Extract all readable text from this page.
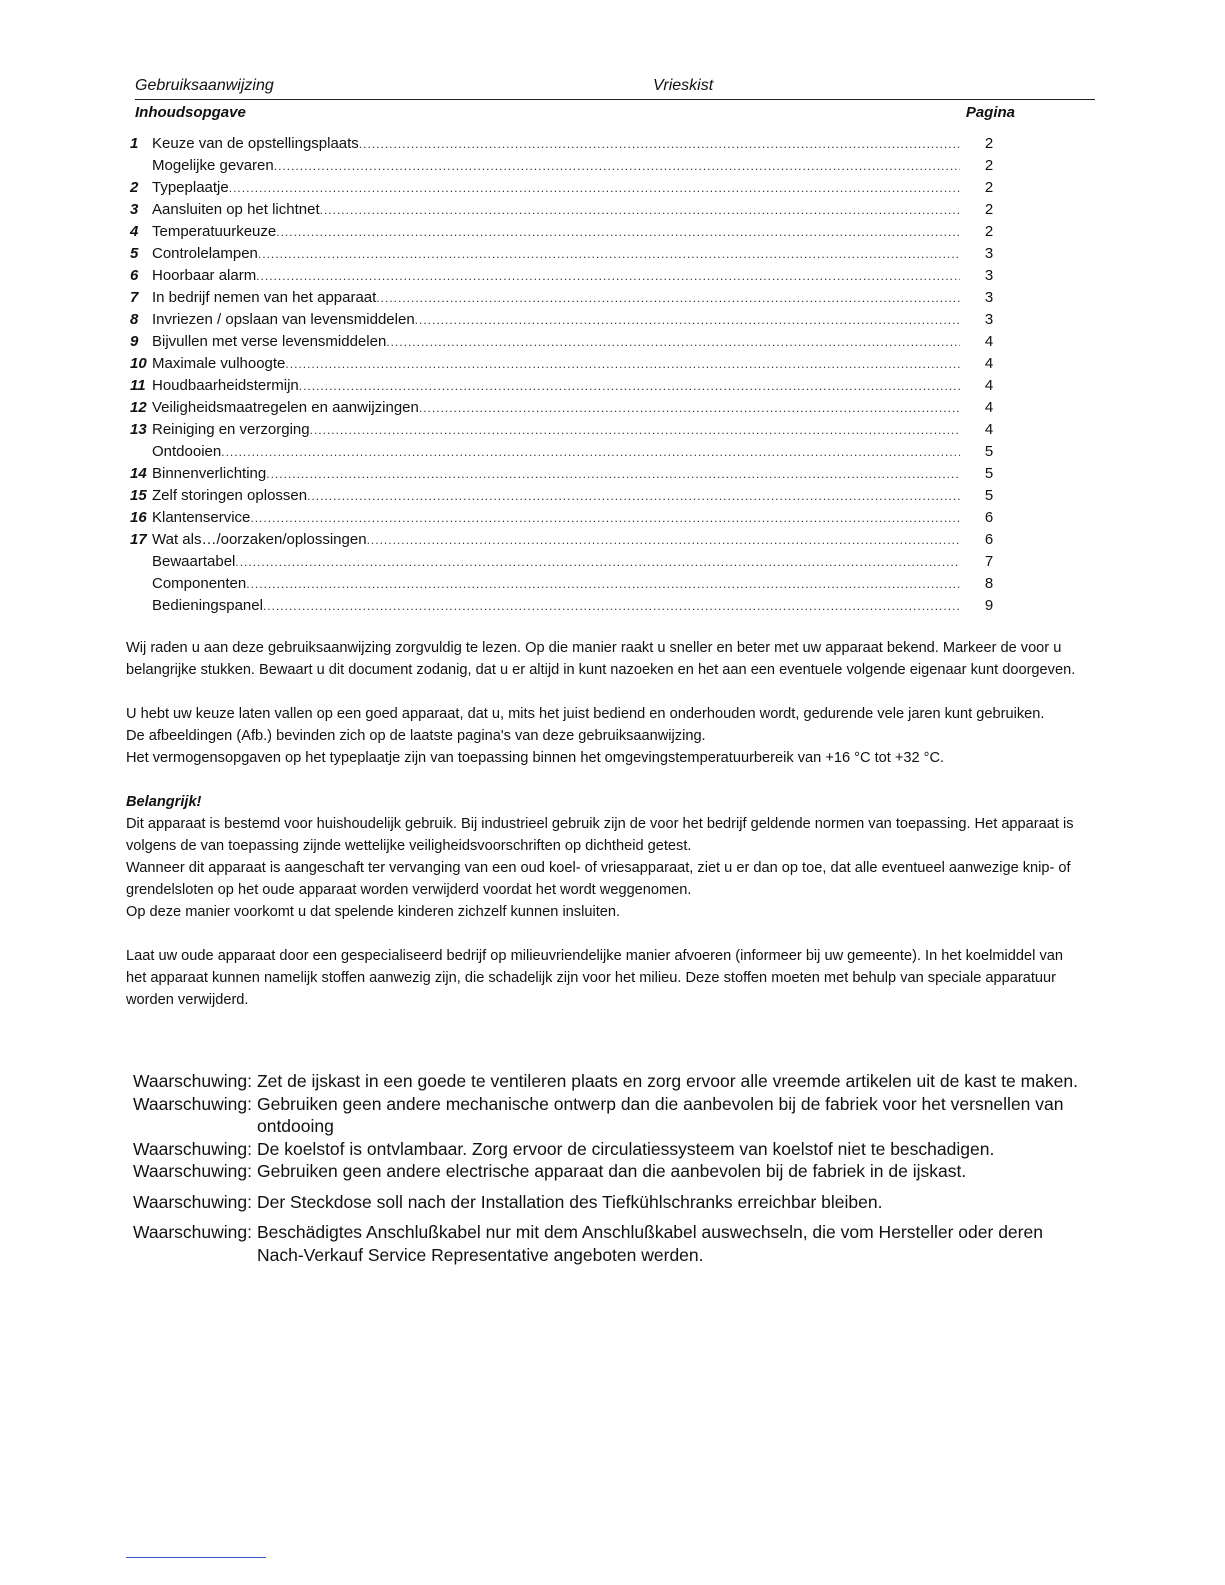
Gebruiksaanwijzing	Vrieskist
Inhoudsopgave	Pagina
1 Keuze van de opstellingsplaats .....	2
Mogelijke gevaren .....	2
2 Typeplaatje .....	2
3 Aansluiten op het lichtnet .....	2
4 Temperatuurkeuze .....	2
5 Controlelampen .....	3
6 Hoorbaar alarm .....	3
7 In bedrijf nemen van het apparaat .....	3
8 Invriezen / opslaan van levensmiddelen .....	3
9 Bijvullen met verse levensmiddelen .....	4
10 Maximale vulhoogte .....	4
11 Houdbaarheidstermijn .....	4
12 Veiligheidsmaatregelen en aanwijzingen .....	4
13 Reiniging en verzorging .....	4
Ontdooien .....	5
14 Binnenverlichting .....	5
15 Zelf storingen oplossen .....	5
16 Klantenservice .....	6
17 Wat als…/oorzaken/oplossingen .....	6
Bewaartabel .....	7
Componenten .....	8
Bedieningspanel .....	9

Wij raden u aan deze gebruiksaanwijzing zorgvuldig te lezen. Op die manier raakt u sneller en beter met uw apparaat bekend. Markeer de voor u belangrijke stukken. Bewaart u dit document zodanig, dat u er altijd in kunt nazoeken en het aan een eventuele volgende eigenaar kunt doorgeven.

U hebt uw keuze laten vallen op een goed apparaat, dat u, mits het juist bediend en onderhouden wordt, gedurende vele jaren kunt gebruiken.
De afbeeldingen (Afb.) bevinden zich op de laatste pagina's van deze gebruiksaanwijzing.
Het vermogensopgaven op het typeplaatje zijn van toepassing binnen het omgevingstemperatuurbereik van +16 °C tot +32 °C.

Belangrijk!
Dit apparaat is bestemd voor huishoudelijk gebruik. Bij industrieel gebruik zijn de voor het bedrijf geldende normen van toepassing. Het apparaat is volgens de van toepassing zijnde wettelijke veiligheidsvoorschriften op dichtheid getest.
Wanneer dit apparaat is aangeschaft ter vervanging van een oud koel- of vriesapparaat, ziet u er dan op toe, dat alle eventueel aanwezige knip- of grendelsloten op het oude apparaat worden verwijderd voordat het wordt weggenomen.
Op deze manier voorkomt u dat spelende kinderen zichzelf kunnen insluiten.

Laat uw oude apparaat door een gespecialiseerd bedrijf op milieuvriendelijke manier afvoeren (informeer bij uw gemeente). In het koelmiddel van het apparaat kunnen namelijk stoffen aanwezig zijn, die schadelijk zijn voor het milieu. Deze stoffen moeten met behulp van speciale apparatuur worden verwijderd.

Waarschuwing: Zet de ijskast in een goede te ventileren plaats en zorg ervoor alle vreemde artikelen uit de kast te maken.
Waarschuwing: Gebruiken geen andere mechanische ontwerp dan die aanbevolen bij de fabriek voor het versnellen van ontdooing
Waarschuwing: De koelstof is ontvlambaar. Zorg ervoor de circulatiessysteem van koelstof niet te beschadigen.
Waarschuwing: Gebruiken geen andere electrische apparaat dan die aanbevolen bij de fabriek in de ijskast.
Waarschuwing: Der Steckdose soll nach der Installation des Tiefkühlschranks erreichbar bleiben.
Waarschuwing: Beschädigtes Anschlußkabel nur mit dem Anschlußkabel auswechseln, die vom Hersteller oder deren Nach-Verkauf Service Representative angeboten werden.
